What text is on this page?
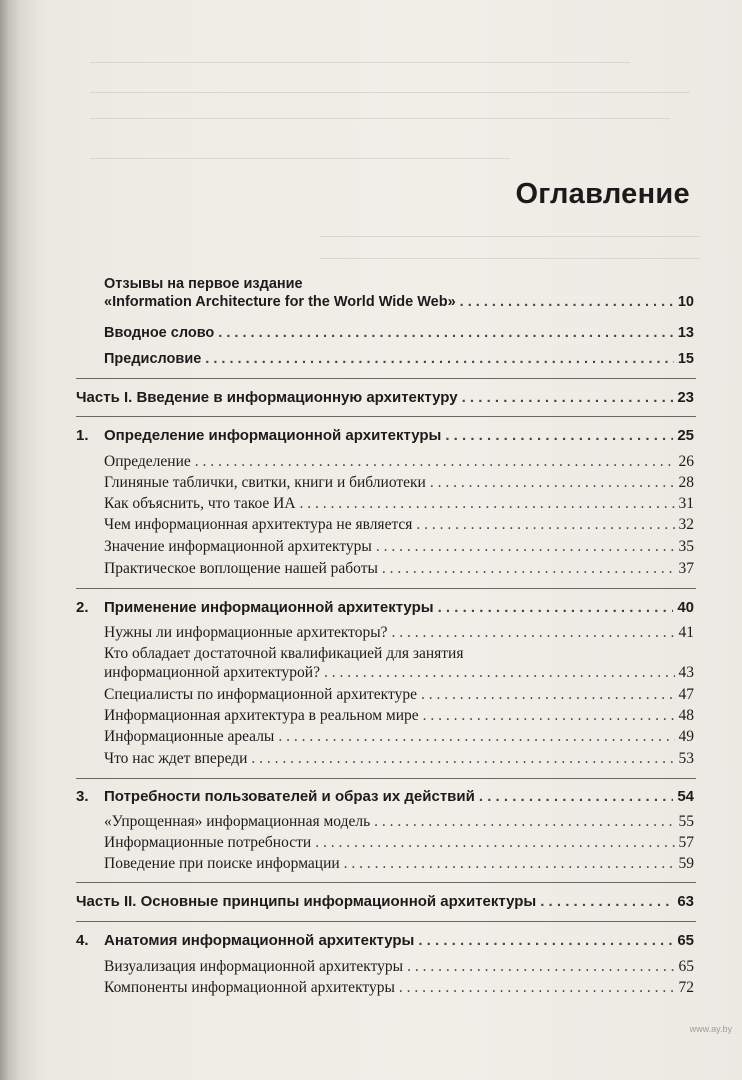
Оглавление
Отзывы на первое издание
«Information Architecture for the World Wide Web» . . .	10
Вводное слово . . .	13
Предисловие . . .	15
Часть I. Введение в информационную архитектуру . . .	23
1. Определение информационной архитектуры . . .	25
Определение . . .	26
Глиняные таблички, свитки, книги и библиотеки . . .	28
Как объяснить, что такое ИА . . .	31
Чем информационная архитектура не является . . .	32
Значение информационной архитектуры . . .	35
Практическое воплощение нашей работы . . .	37
2. Применение информационной архитектуры . . .	40
Нужны ли информационные архитекторы? . . .	41
Кто обладает достаточной квалификацией для занятия
информационной архитектурой? . . .	43
Специалисты по информационной архитектуре . . .	47
Информационная архитектура в реальном мире . . .	48
Информационные ареалы . . .	49
Что нас ждет впереди . . .	53
3. Потребности пользователей и образ их действий . . .	54
«Упрощенная» информационная модель . . .	55
Информационные потребности . . .	57
Поведение при поиске информации . . .	59
Часть II. Основные принципы информационной архитектуры . . .	63
4. Анатомия информационной архитектуры . . .	65
Визуализация информационной архитектуры . . .	65
Компоненты информационной архитектуры . . .	72
www.ay.by
